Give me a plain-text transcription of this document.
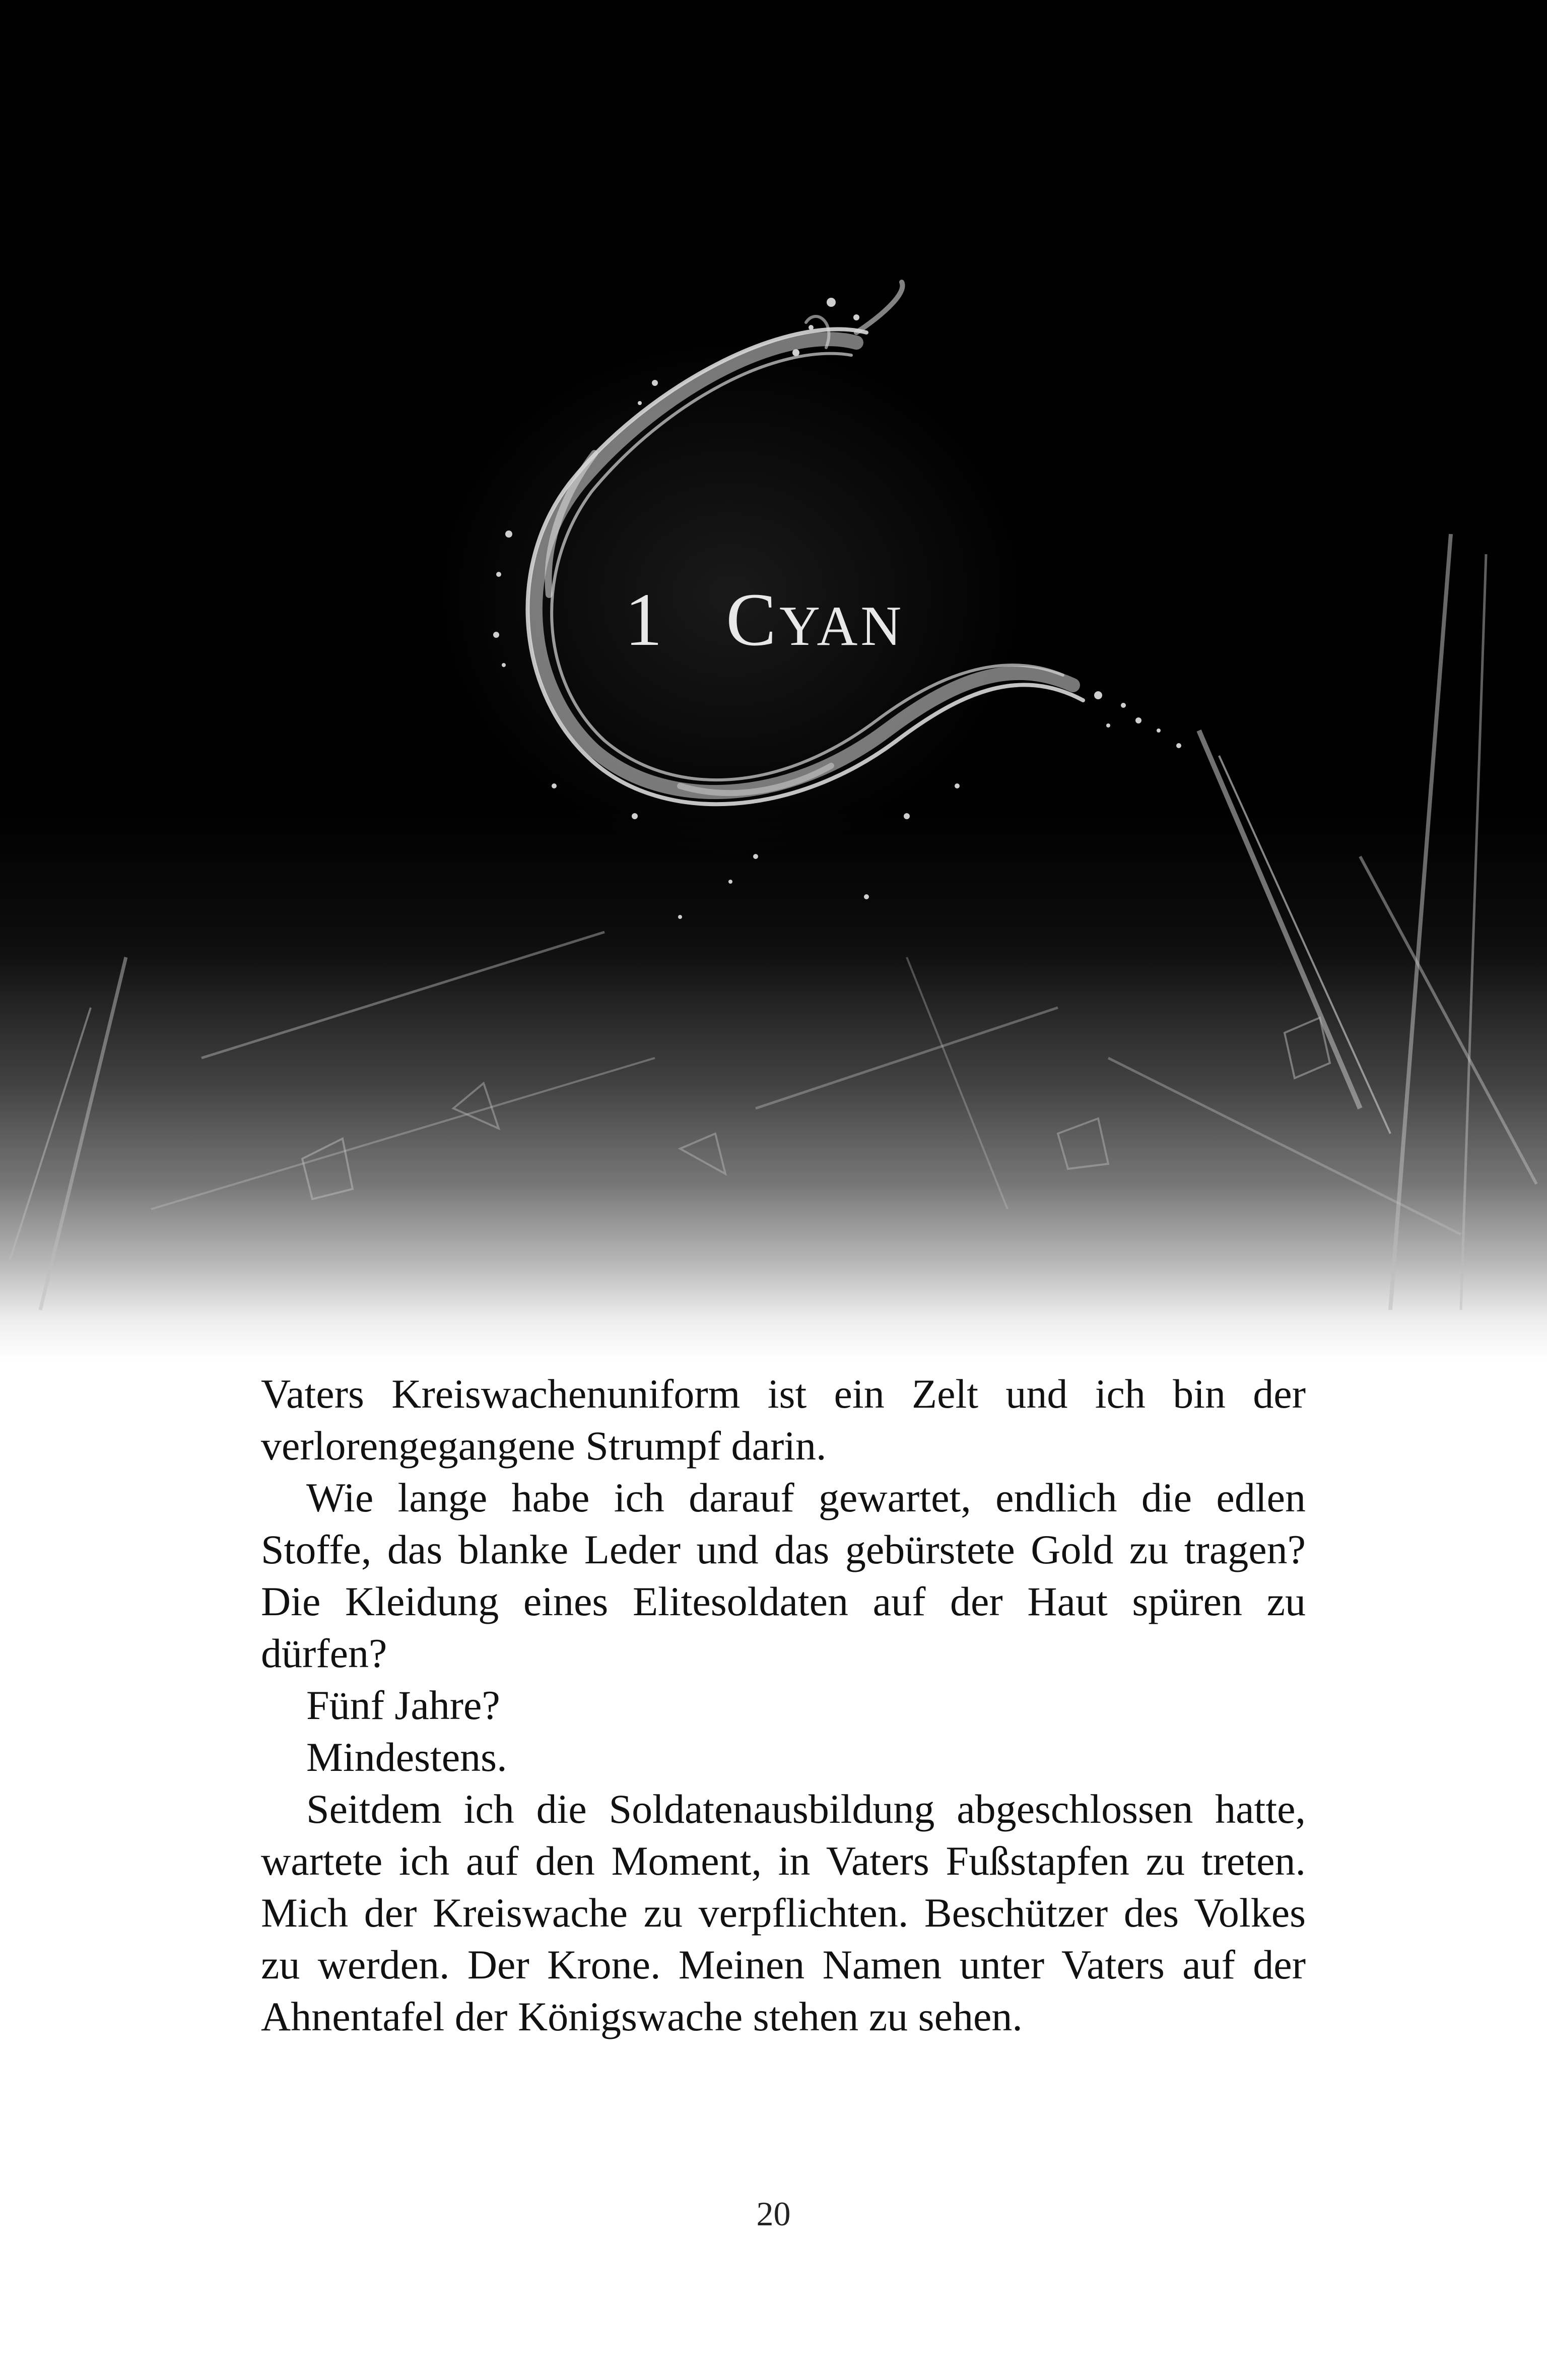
1 CYAN

Vaters Kreiswachenuniform ist ein Zelt und ich bin der verlorengegangene Strumpf darin.

Wie lange habe ich darauf gewartet, endlich die edlen Stoffe, das blanke Leder und das gebürstete Gold zu tragen? Die Kleidung eines Elitesoldaten auf der Haut spüren zu dürfen?

Fünf Jahre?

Mindestens.

Seitdem ich die Soldatenausbildung abgeschlossen hatte, wartete ich auf den Moment, in Vaters Fußstapfen zu treten. Mich der Kreiswache zu verpflichten. Beschützer des Volkes zu werden. Der Krone. Meinen Namen unter Vaters auf der Ahnentafel der Königswache stehen zu sehen.

20
